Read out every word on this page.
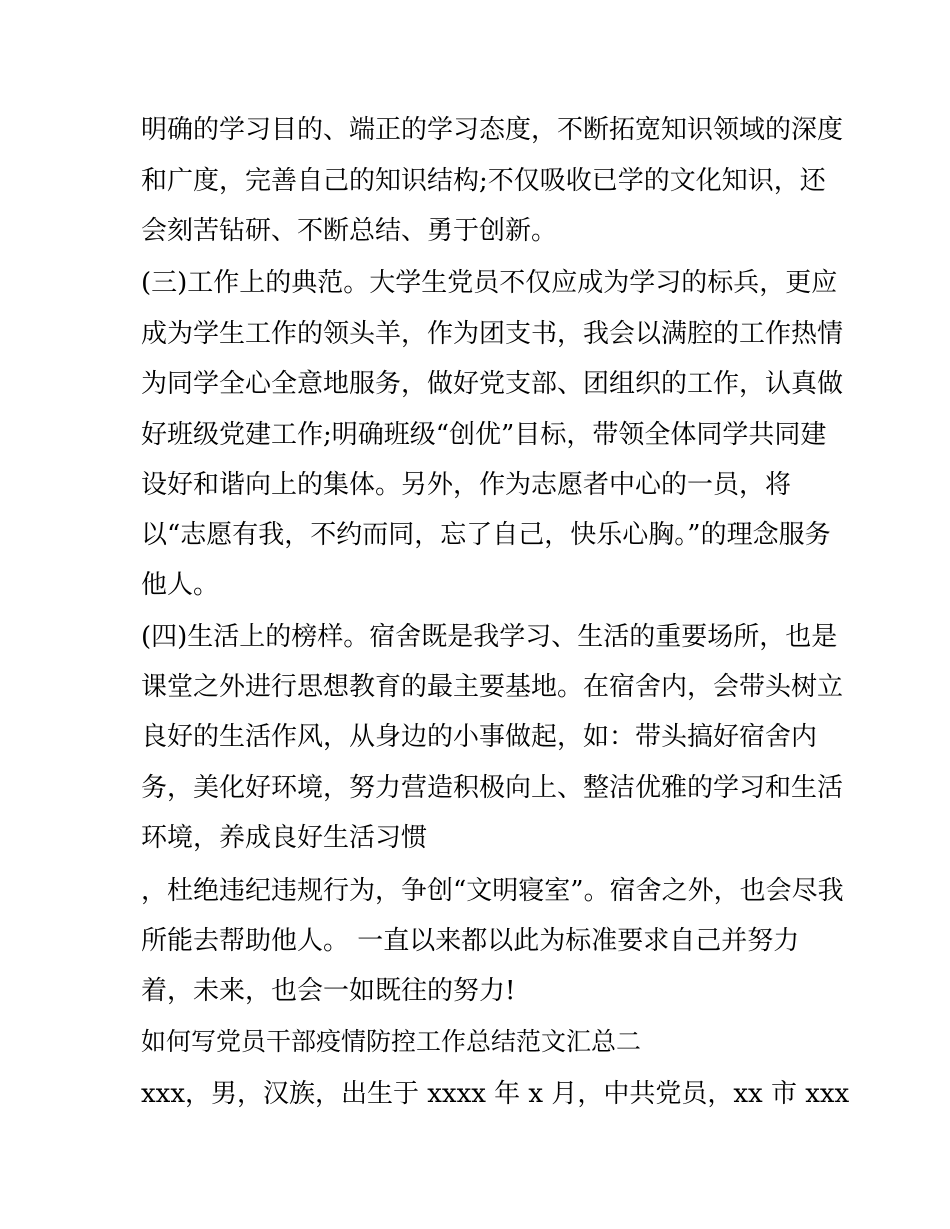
明确的学习目的、端正的学习态度，不断拓宽知识领域的深度
和广度，完善自己的知识结构;不仅吸收已学的文化知识，还
会刻苦钻研、不断总结、勇于创新。
(三)工作上的典范。大学生党员不仅应成为学习的标兵，更应
成为学生工作的领头羊，作为团支书，我会以满腔的工作热情
为同学全心全意地服务，做好党支部、团组织的工作，认真做
好班级党建工作;明确班级“创优”目标，带领全体同学共同建
设好和谐向上的集体。另外，作为志愿者中心的一员，将
以“志愿有我，不约而同，忘了自己，快乐心胸。”的理念服务
他人。
(四)生活上的榜样。宿舍既是我学习、生活的重要场所，也是
课堂之外进行思想教育的最主要基地。在宿舍内，会带头树立
良好的生活作风，从身边的小事做起，如：带头搞好宿舍内
务，美化好环境，努力营造积极向上、整洁优雅的学习和生活
环境，养成良好生活习惯
，杜绝违纪违规行为，争创“文明寝室”。宿舍之外，也会尽我
所能去帮助他人。 一直以来都以此为标准要求自己并努力
着，未来，也会一如既往的努力!
如何写党员干部疫情防控工作总结范文汇总二
xxx，男，汉族，出生于 xxxx 年 x 月，中共党员，xx 市 xxx
